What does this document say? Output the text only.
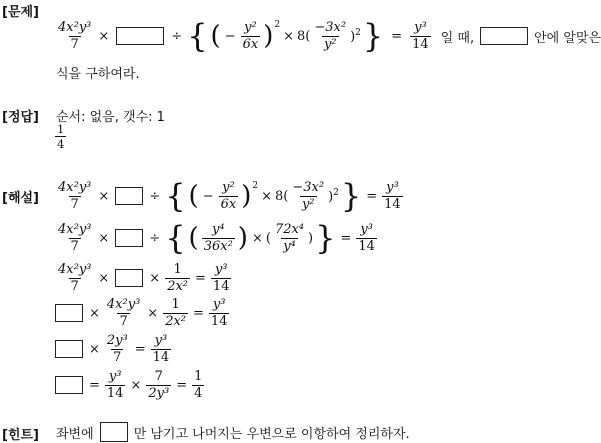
[문제]
[정답]
[해설]
[힌트]
$\frac{\text{4x²y³}}{7}$ ×	÷ { ( − $\frac{\text{y²}}{6x} )^2$
× $8( \frac{\text{−3x²}}{\text{y²}} )^2$ } = $\frac{\text{y³}}{14}$ 일 때,	안에 알맞은
식을 구하여라.
순서: 없음, 갯수: 1
$\frac{1}{4}$
$\frac{\text{4x²y³}}{7}$ ×	÷ { ( − $\frac{\text{y²}}{6x} )^2$
× $8( \frac{\text{−3x²}}{\text{y²}} )^2$ } = $\frac{\text{y³}}{14}$
$\frac{\text{4x²y³}}{7}$ ×	÷ { ( $\frac{\text{y⁴}}{\text{36x²}}$ ) × ( $\frac{\text{72x⁴}}{\text{y⁴}}$ ) } = $\frac{\text{y³}}{14}$
$\frac{\text{4x²y³}}{7}$ ×	× $\frac{1}{\text{2x²}} = \frac{\text{y³}}{14}$
× $\frac{\text{4x²y³}}{7} \times \frac{1}{\text{2x²}} = \frac{\text{y³}}{14}$
× $\frac{\text{2y³}}{7} = \frac{\text{y³}}{14}$
= $\frac{\text{y³}}{14} \times \frac{7}{\text{2y³}} = \frac{1}{4}$
좌변에	만 남기고 나머지는 우변으로 이항하여 정리하자.
